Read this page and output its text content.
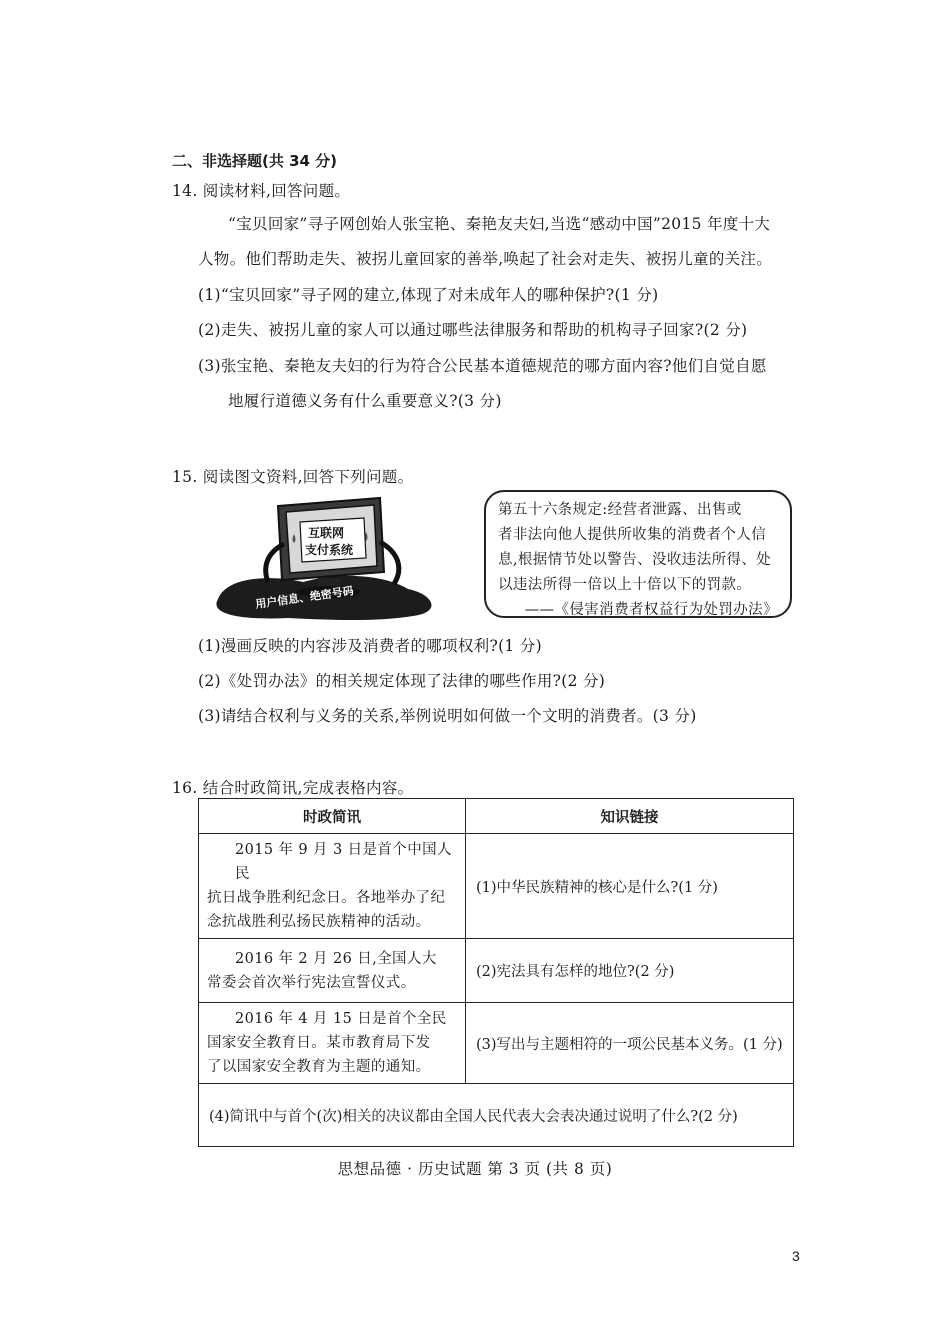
二、非选择题(共 34 分)
14. 阅读材料,回答问题。
“宝贝回家”寻子网创始人张宝艳、秦艳友夫妇,当选“感动中国”2015 年度十大
人物。他们帮助走失、被拐儿童回家的善举,唤起了社会对走失、被拐儿童的关注。
(1)“宝贝回家”寻子网的建立,体现了对未成年人的哪种保护?(1 分)
(2)走失、被拐儿童的家人可以通过哪些法律服务和帮助的机构寻子回家?(2 分)
(3)张宝艳、秦艳友夫妇的行为符合公民基本道德规范的哪方面内容?他们自觉自愿
地履行道德义务有什么重要意义?(3 分)
15. 阅读图文资料,回答下列问题。
互联网
支付系统
用户信息、绝密号码
第五十六条规定:经营者泄露、出售或
者非法向他人提供所收集的消费者个人信
息,根据情节处以警告、没收违法所得、处
以违法所得一倍以上十倍以下的罚款。
——《侵害消费者权益行为处罚办法》
(1)漫画反映的内容涉及消费者的哪项权利?(1 分)
(2)《处罚办法》的相关规定体现了法律的哪些作用?(2 分)
(3)请结合权利与义务的关系,举例说明如何做一个文明的消费者。(3 分)
16. 结合时政简讯,完成表格内容。
时政简讯	知识链接

2015 年 9 月 3 日是首个中国人民
抗日战争胜利纪念日。各地举办了纪
念抗战胜利弘扬民族精神的活动。	(1)中华民族精神的核心是什么?(1 分)

2016 年 2 月 26 日,全国人大
常委会首次举行宪法宣誓仪式。	(2)宪法具有怎样的地位?(2 分)

2016 年 4 月 15 日是首个全民
国家安全教育日。某市教育局下发
了以国家安全教育为主题的通知。	(3)写出与主题相符的一项公民基本义务。(1 分)
(4)简讯中与首个(次)相关的决议都由全国人民代表大会表决通过说明了什么?(2 分)	
思想品德 · 历史试题 第 3 页 (共 8 页)
3
